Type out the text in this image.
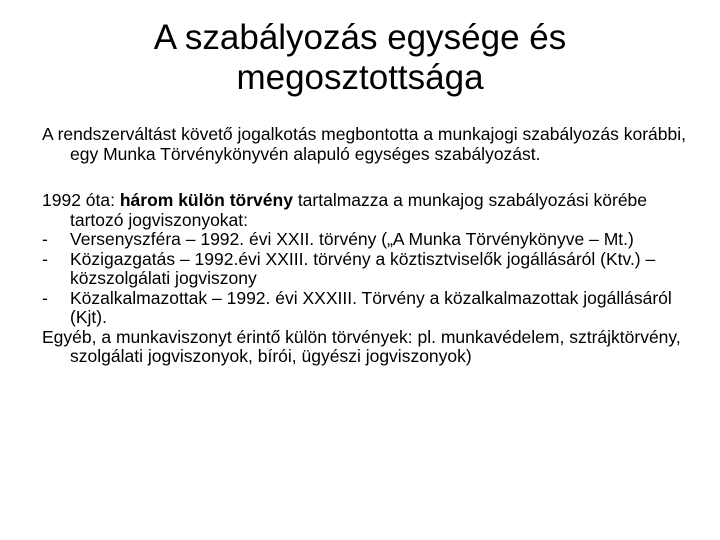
A szabályozás egysége és
megosztottsága

A rendszerváltást követő jogalkotás megbontotta a munkajogi szabályozás korábbi, egy Munka Törvénykönyvén alapuló egységes szabályozást.

1992 óta: három külön törvény tartalmazza a munkajog szabályozási körébe tartozó jogviszonyokat:

-	Versenyszféra – 1992. évi XXII. törvény („A Munka Törvénykönyve – Mt.)
-	Közigazgatás – 1992.évi XXIII. törvény a köztisztviselők jogállásáról (Ktv.) – közszolgálati jogviszony
-	Közalkalmazottak – 1992. évi XXXIII. Törvény a közalkalmazottak jogállásáról (Kjt).

Egyéb, a munkaviszonyt érintő külön törvények: pl. munkavédelem, sztrájktörvény, szolgálati jogviszonyok, bírói, ügyészi jogviszonyok)
